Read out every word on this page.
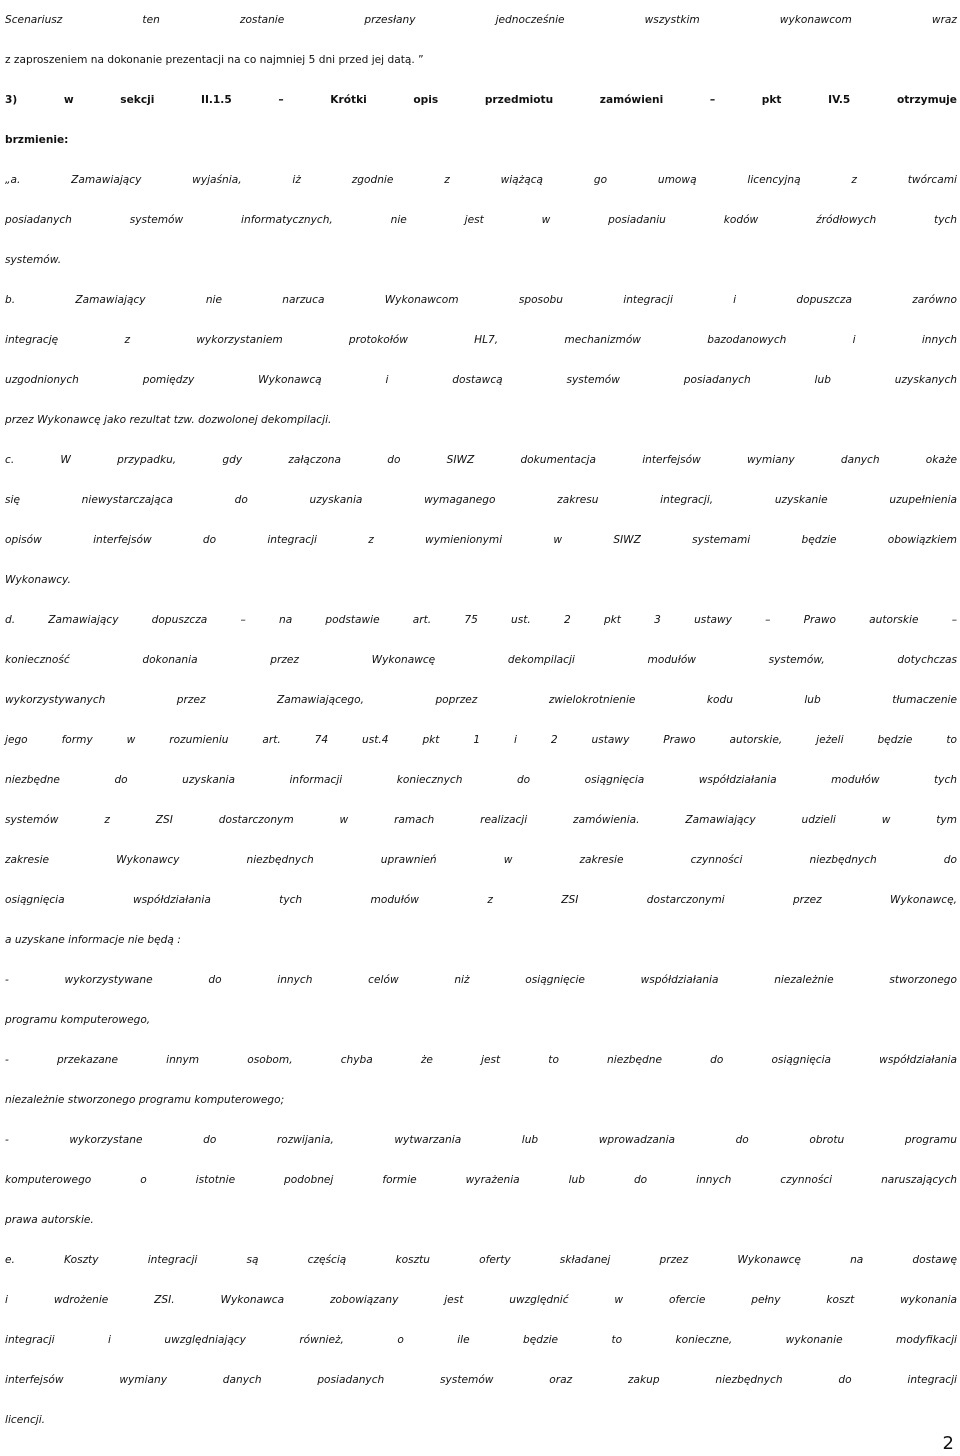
Scenariusz ten zostanie przesłany jednocześnie wszystkim wykonawcom wraz
z zaproszeniem na dokonanie prezentacji na co najmniej 5 dni przed jej datą. ”
3) w sekcji II.1.5 – Krótki opis przedmiotu zamówieni – pkt IV.5 otrzymuje
brzmienie:
„a. Zamawiający wyjaśnia, iż zgodnie z wiążącą go umową licencyjną z twórcami
posiadanych systemów informatycznych, nie jest w posiadaniu kodów źródłowych tych
systemów.
b. Zamawiający nie narzuca Wykonawcom sposobu integracji i dopuszcza zarówno
integrację z wykorzystaniem protokołów HL7, mechanizmów bazodanowych i innych
uzgodnionych pomiędzy Wykonawcą i dostawcą systemów posiadanych lub uzyskanych
przez Wykonawcę jako rezultat tzw. dozwolonej dekompilacji.
c. W przypadku, gdy załączona do SIWZ dokumentacja interfejsów wymiany danych okaże
się niewystarczająca do uzyskania wymaganego zakresu integracji, uzyskanie uzupełnienia
opisów interfejsów do integracji z wymienionymi w SIWZ systemami będzie obowiązkiem
Wykonawcy.
d. Zamawiający dopuszcza – na podstawie art. 75 ust. 2 pkt 3 ustawy – Prawo autorskie –
konieczność dokonania przez Wykonawcę dekompilacji modułów systemów, dotychczas
wykorzystywanych przez Zamawiającego, poprzez zwielokrotnienie kodu lub tłumaczenie
jego formy w rozumieniu art. 74 ust.4 pkt 1 i 2 ustawy Prawo autorskie, jeżeli będzie to
niezbędne do uzyskania informacji koniecznych do osiągnięcia współdziałania modułów tych
systemów z ZSI dostarczonym w ramach realizacji zamówienia. Zamawiający udzieli w tym
zakresie Wykonawcy niezbędnych uprawnień w zakresie czynności niezbędnych do
osiągnięcia współdziałania tych modułów z ZSI dostarczonymi przez Wykonawcę,
a uzyskane informacje nie będą :
- wykorzystywane do innych celów niż osiągnięcie współdziałania niezależnie stworzonego
programu komputerowego,
- przekazane innym osobom, chyba że jest to niezbędne do osiągnięcia współdziałania
niezależnie stworzonego programu komputerowego;
- wykorzystane do rozwijania, wytwarzania lub wprowadzania do obrotu programu
komputerowego o istotnie podobnej formie wyrażenia lub do innych czynności naruszających
prawa autorskie.
e. Koszty integracji są częścią kosztu oferty składanej przez Wykonawcę na dostawę
i wdrożenie ZSI. Wykonawca zobowiązany jest uwzględnić w ofercie pełny koszt wykonania
integracji i uwzględniający również, o ile będzie to konieczne, wykonanie modyfikacji
interfejsów wymiany danych posiadanych systemów oraz zakup niezbędnych do integracji
licencji.
2
